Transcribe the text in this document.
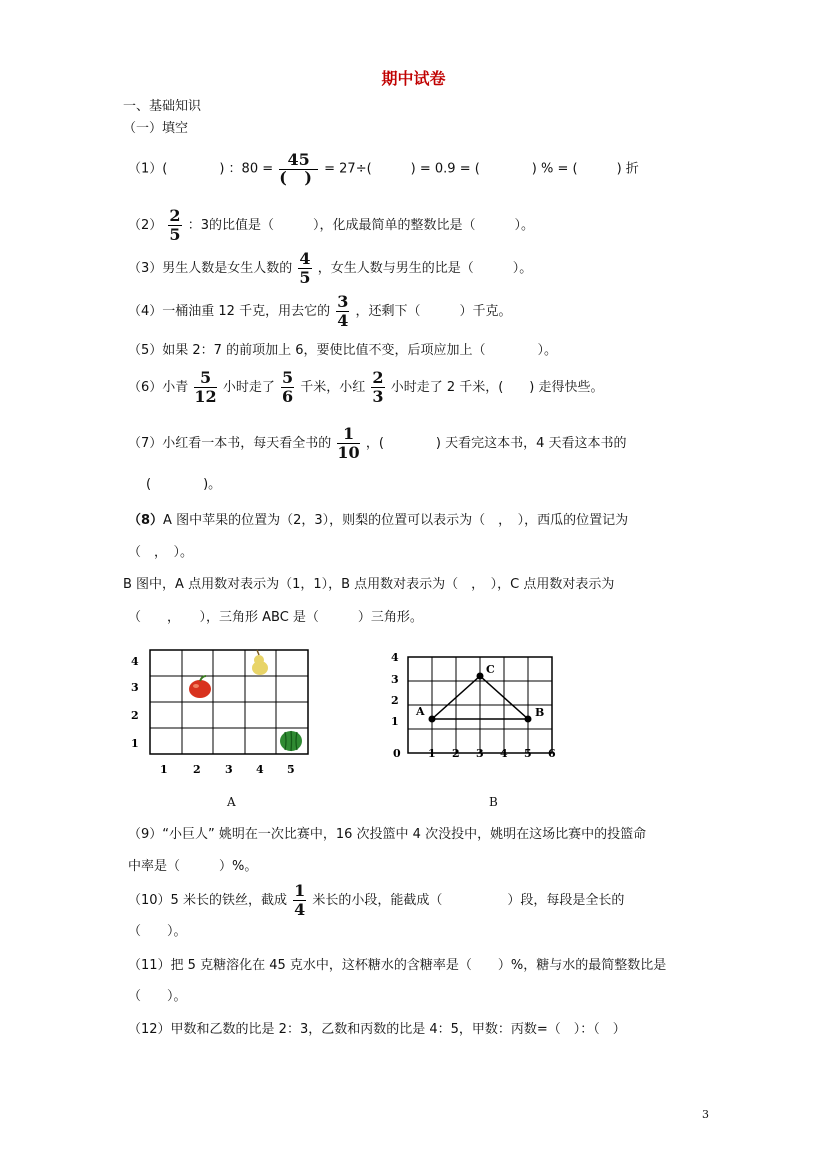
期中试卷
一、基础知识
（一）填空
（1）(　　　　) ：$80 = \frac{45}{( )} = 27\div$(　　　) = 0.9 = (　　　　) % = (　　　) 折
$(2) \frac{2}{5}$ ：3的比值是（　　　），化成最简单的整数比是（　　　）。
（3）男生人数是女生人数的 $\frac{4}{5}$ ，女生人数与男生的比是（　　　）。
（4）一桶油重 12 千克，用去它的 $\frac{3}{4}$ ，还剩下（　　　）千克。
（5）如果 2：7 的前项加上 6，要使比值不变，后项应加上（　　　　）。
（6）小青 $\frac{5}{12}$ 小时走了 $\frac{5}{6}$ 千米，小红 $\frac{2}{3}$ 小时走了 2 千米，(　　) 走得快些。
（7）小红看一本书，每天看全书的 $\frac{1}{10}$ ，(　　　　) 天看完这本书，4 天看这本书的
(　　　　)。
（8）A 图中苹果的位置为（2，3），则梨的位置可以表示为（　，　），西瓜的位置记为
（　，　）。
B 图中，A 点用数对表示为（1，1），B 点用数对表示为（　，　），C 点用数对表示为
（　　，　　），三角形 ABC 是（　　　）三角形。
4
3
2
1
1 2 3 4 5
A
A	B
C
4
3
2
1
0 1 2 3 4 5 6
B
（9）“小巨人” 姚明在一次比赛中，16 次投篮中 4 次没投中，姚明在这场比赛中的投篮命
中率是（　　　）%。
（10）5 米长的铁丝，截成 $\frac{1}{4}$ 米长的小段，能截成（　　　　　）段，每段是全长的
（　　）。
（11）把 5 克糖溶化在 45 克水中，这杯糖水的含糖率是（　　）%，糖与水的最简整数比是
（　　）。
（12）甲数和乙数的比是 2：3，乙数和丙数的比是 4：5，甲数：丙数=（　）：（　）
3
